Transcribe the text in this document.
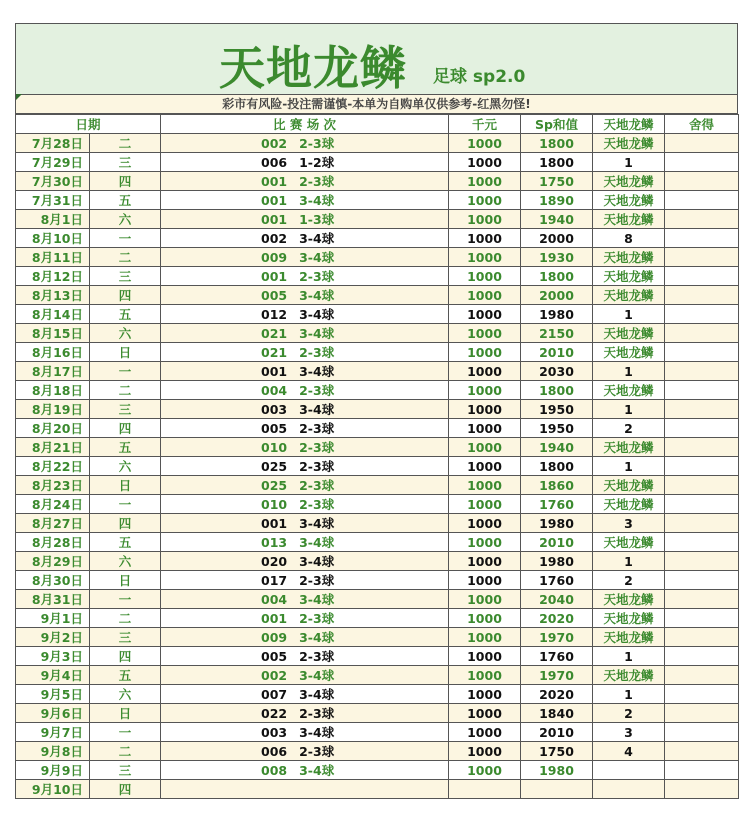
天地龙鳞 足球 sp2.0
彩市有风险-投注需谨慎-本单为自购单仅供参考-红黑勿怪!
日期		比 赛 场 次	千元	Sp和值	天地龙鳞	舍得
7月28日	二	002 2-3球	1000	1800	天地龙鳞	
7月29日	三	006 1-2球	1000	1800	1	
7月30日	四	001 2-3球	1000	1750	天地龙鳞	
7月31日	五	001 3-4球	1000	1890	天地龙鳞	
8月1日	六	001 1-3球	1000	1940	天地龙鳞	
8月10日	一	002 3-4球	1000	2000	8	
8月11日	二	009 3-4球	1000	1930	天地龙鳞	
8月12日	三	001 2-3球	1000	1800	天地龙鳞	
8月13日	四	005 3-4球	1000	2000	天地龙鳞	
8月14日	五	012 3-4球	1000	1980	1	
8月15日	六	021 3-4球	1000	2150	天地龙鳞	
8月16日	日	021 2-3球	1000	2010	天地龙鳞	
8月17日	一	001 3-4球	1000	2030	1	
8月18日	二	004 2-3球	1000	1800	天地龙鳞	
8月19日	三	003 3-4球	1000	1950	1	
8月20日	四	005 2-3球	1000	1950	2	
8月21日	五	010 2-3球	1000	1940	天地龙鳞	
8月22日	六	025 2-3球	1000	1800	1	
8月23日	日	025 2-3球	1000	1860	天地龙鳞	
8月24日	一	010 2-3球	1000	1760	天地龙鳞	
8月27日	四	001 3-4球	1000	1980	3	
8月28日	五	013 3-4球	1000	2010	天地龙鳞	
8月29日	六	020 3-4球	1000	1980	1	
8月30日	日	017 2-3球	1000	1760	2	
8月31日	一	004 3-4球	1000	2040	天地龙鳞	
9月1日	二	001 2-3球	1000	2020	天地龙鳞	
9月2日	三	009 3-4球	1000	1970	天地龙鳞	
9月3日	四	005 2-3球	1000	1760	1	
9月4日	五	002 3-4球	1000	1970	天地龙鳞	
9月5日	六	007 3-4球	1000	2020	1	
9月6日	日	022 2-3球	1000	1840	2	
9月7日	一	003 3-4球	1000	2010	3	
9月8日	二	006 2-3球	1000	1750	4	
9月9日	三	008 3-4球	1000	1980		
9月10日	四					
